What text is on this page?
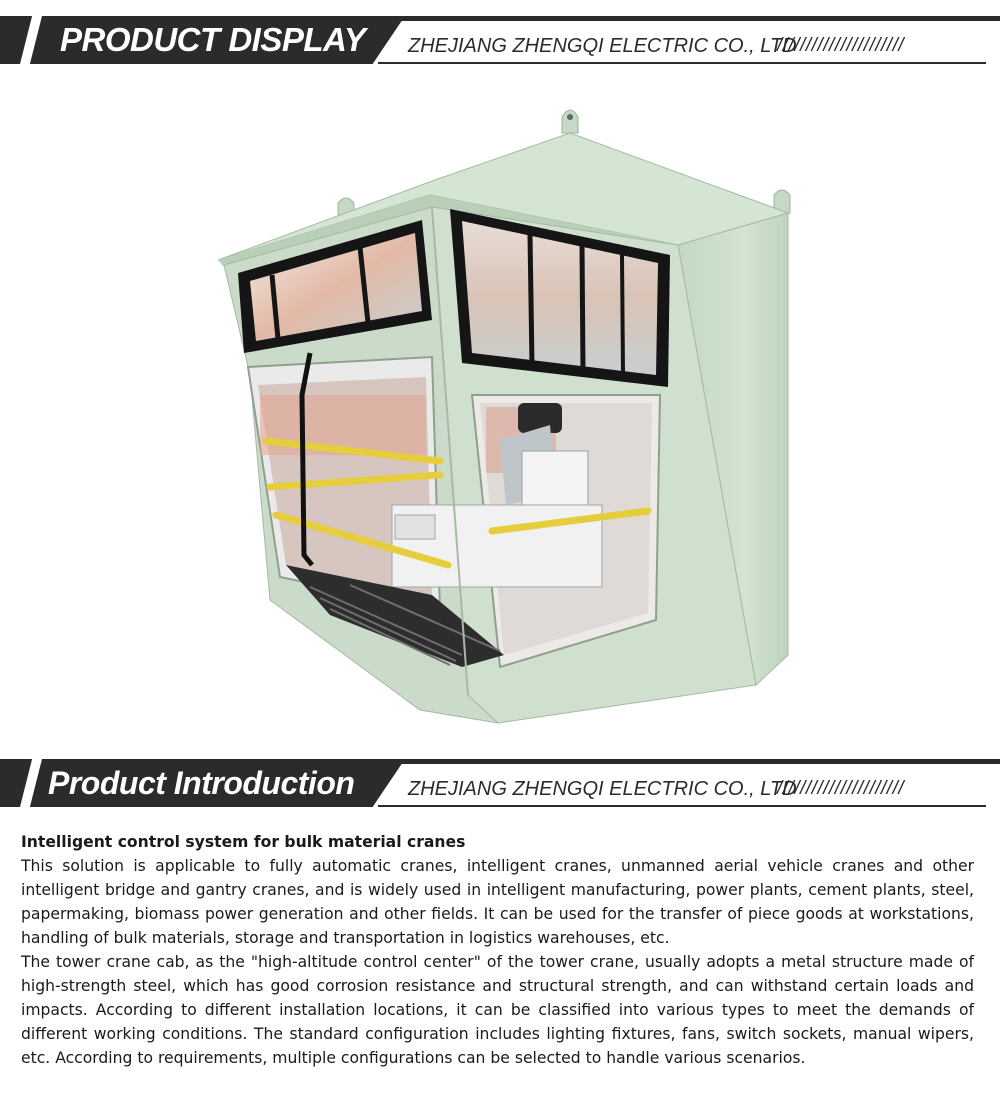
PRODUCT DISPLAY ZHEJIANG ZHENGQI ELECTRIC CO., LTD
//////////////////////
Product Introduction	ZHEJIANG ZHENGQI ELECTRIC CO., LTD
//////////////////////
Intelligent control system for bulk material cranes

This solution is applicable to fully automatic cranes, intelligent cranes, unmanned aerial vehicle cranes and other intelligent bridge and gantry cranes, and is widely used in intelligent manufacturing, power plants, cement plants, steel, papermaking, biomass power generation and other fields. It can be used for the transfer of piece goods at workstations, handling of bulk materials, storage and transportation in logistics warehouses, etc.

The tower crane cab, as the "high-altitude control center" of the tower crane, usually adopts a metal structure made of high-strength steel, which has good corrosion resistance and structural strength, and can withstand certain loads and impacts. According to different installation locations, it can be classified into various types to meet the demands of different working conditions. The standard configuration includes lighting fixtures, fans, switch sockets, manual wipers, etc. According to requirements, multiple configurations can be selected to handle various scenarios.
